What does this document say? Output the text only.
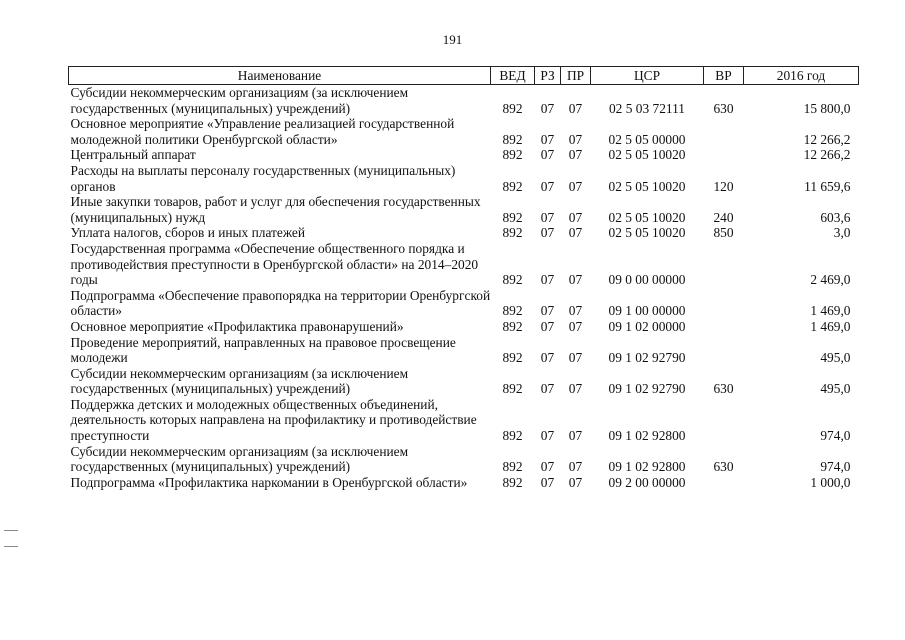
191
Наименование	ВЕД	РЗ	ПР	ЦСР	ВР	2016 год
Субсидии некоммерческим организациям (за исключением государственных (муниципальных) учреждений)	892	07	07	02 5 03 72111	630	15 800,0
Основное мероприятие «Управление реализацией государственной молодежной политики Оренбургской области»	892	07	07	02 5 05 00000		12 266,2
Центральный аппарат	892	07	07	02 5 05 10020		12 266,2
Расходы на выплаты персоналу государственных (муниципальных) органов	892	07	07	02 5 05 10020	120	11 659,6
Иные закупки товаров, работ и услуг для обеспечения государственных (муниципальных) нужд	892	07	07	02 5 05 10020	240	603,6
Уплата налогов, сборов и иных платежей	892	07	07	02 5 05 10020	850	3,0
Государственная программа «Обеспечение общественного порядка и противодействия преступности в Оренбургской области» на 2014–2020 годы	892	07	07	09 0 00 00000		2 469,0
Подпрограмма «Обеспечение правопорядка на территории Оренбургской области»	892	07	07	09 1 00 00000		1 469,0
Основное мероприятие «Профилактика правонарушений»	892	07	07	09 1 02 00000		1 469,0
Проведение мероприятий, направленных на правовое просвещение молодежи	892	07	07	09 1 02 92790		495,0
Субсидии некоммерческим организациям (за исключением государственных (муниципальных) учреждений)	892	07	07	09 1 02 92790	630	495,0
Поддержка детских и молодежных общественных объединений, деятельность которых направлена на профилактику и противодействие преступности	892	07	07	09 1 02 92800		974,0
Субсидии некоммерческим организациям (за исключением государственных (муниципальных) учреждений)	892	07	07	09 1 02 92800	630	974,0
Подпрограмма «Профилактика наркомании в Оренбургской области»	892	07	07	09 2 00 00000		1 000,0
